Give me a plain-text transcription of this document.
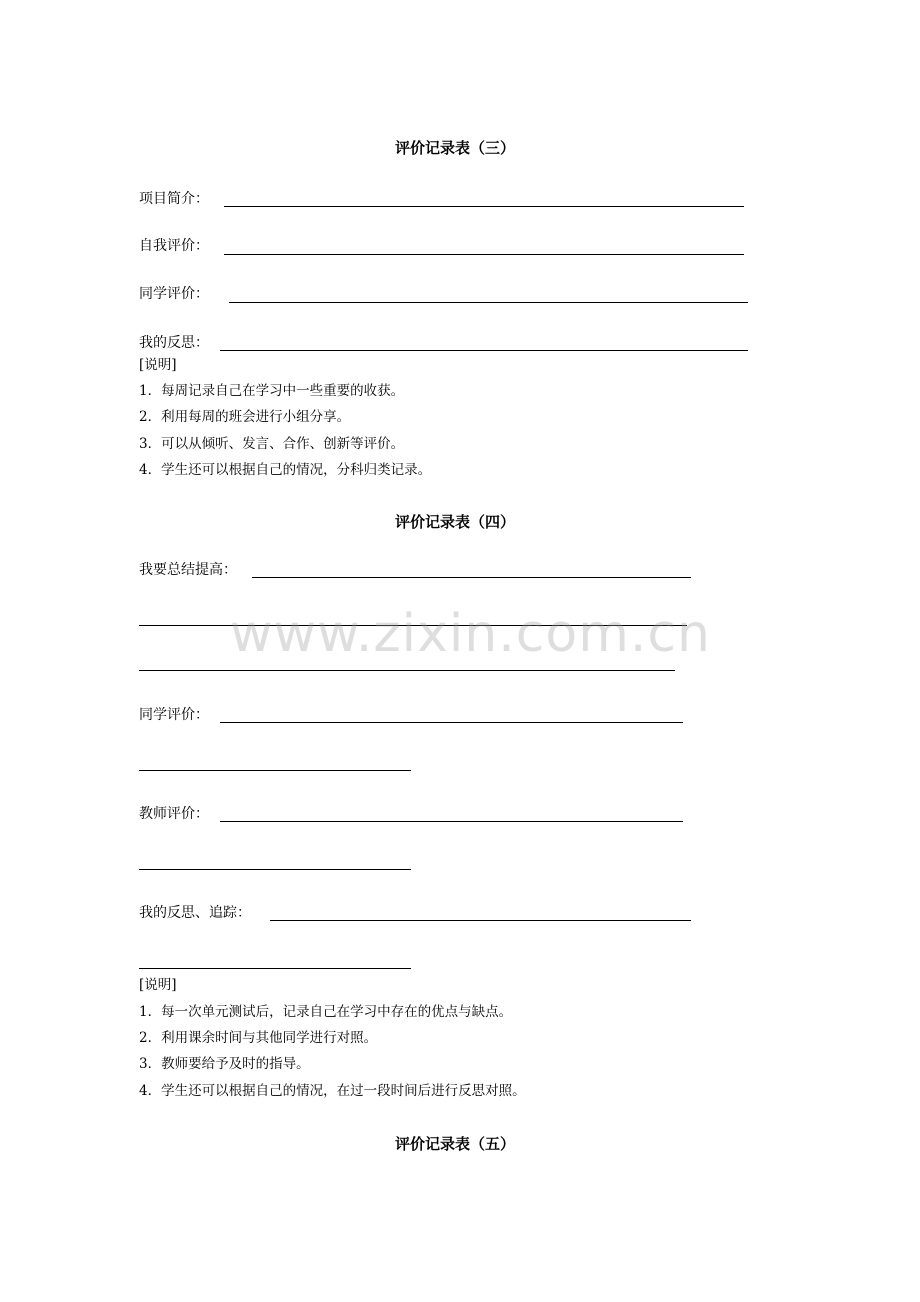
评价记录表（三）
项目简介：
自我评价：
同学评价：
我的反思：
[说明]
1．每周记录自己在学习中一些重要的收获。
2．利用每周的班会进行小组分享。
3．可以从倾听、发言、合作、创新等评价。
4．学生还可以根据自己的情况，分科归类记录。
评价记录表（四）
我要总结提高：
同学评价：
教师评价：
我的反思、追踪：
[说明]
1．每一次单元测试后，记录自己在学习中存在的优点与缺点。
2．利用课余时间与其他同学进行对照。
3．教师要给予及时的指导。
4．学生还可以根据自己的情况，在过一段时间后进行反思对照。
评价记录表（五）
www.zixin.com.cn
